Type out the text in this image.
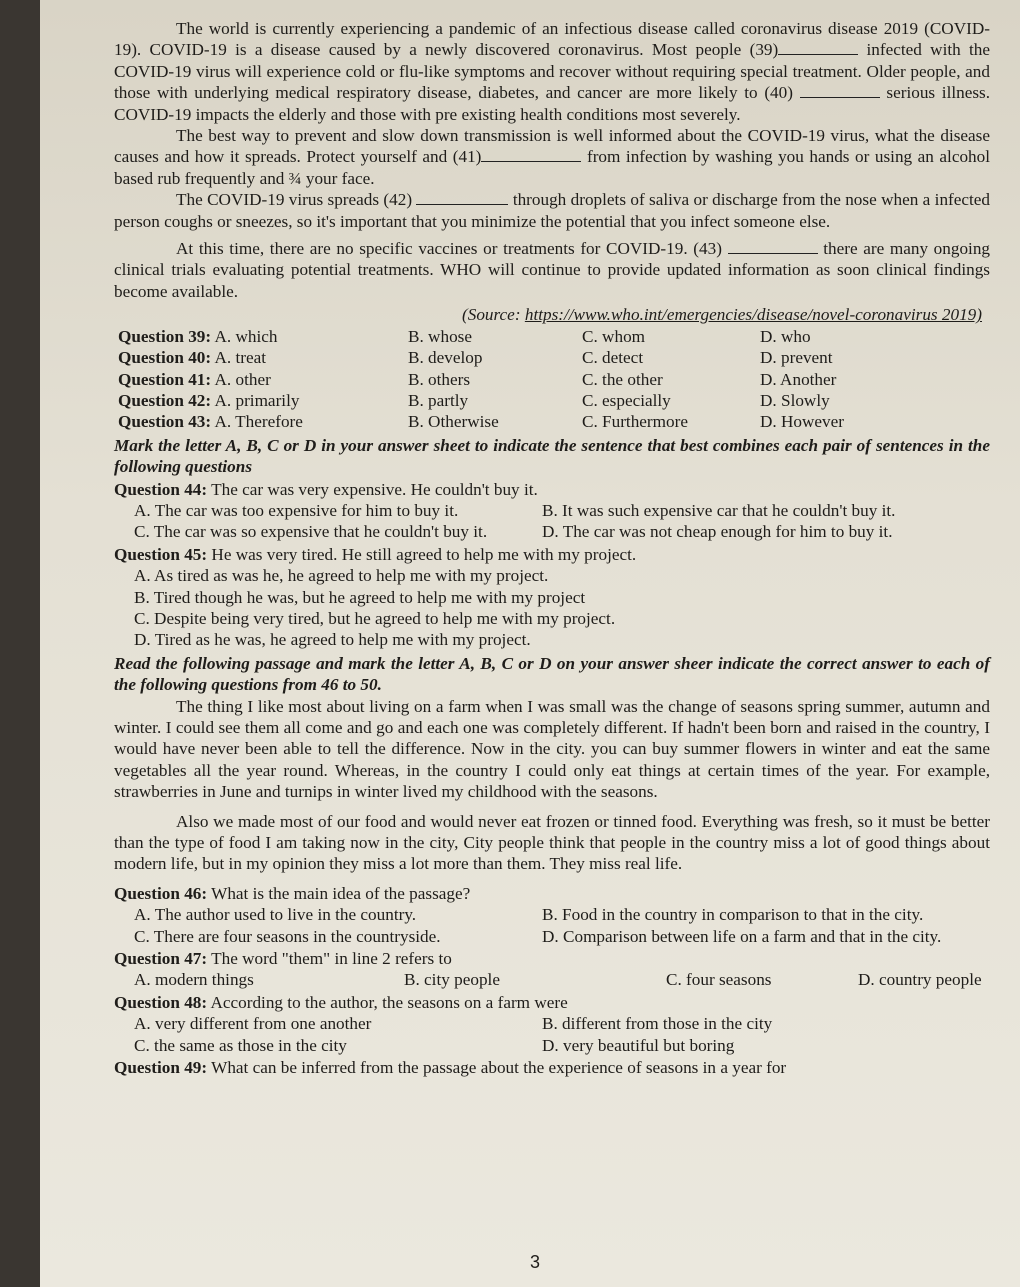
The world is currently experiencing a pandemic of an infectious disease called coronavirus disease 2019 (COVID-19). COVID-19 is a disease caused by a newly discovered coronavirus. Most people (39)	infected with the COVID-19 virus will experience cold or flu-like symptoms and recover without requiring special treatment. Older people, and those with underlying medical respiratory disease, diabetes, and cancer are more likely to (40)	serious illness. COVID-19 impacts the elderly and those with pre existing health conditions most severely.

The best way to prevent and slow down transmission is well informed about the COVID-19 virus, what the disease causes and how it spreads. Protect yourself and (41)	from infection by washing you hands or using an alcohol based rub frequently and ¾ your face.

The COVID-19 virus spreads (42)	through droplets of saliva or discharge from the nose when a infected person coughs or sneezes, so it's important that you minimize the potential that you infect someone else.

At this time, there are no specific vaccines or treatments for COVID-19. (43)	there are many ongoing clinical trials evaluating potential treatments. WHO will continue to provide updated information as soon clinical findings become available.

(Source: https://www.who.int/emergencies/disease/novel-coronavirus 2019)

Question 39: A. which	B. whose	C. whom	D. who
Question 40: A. treat	B. develop	C. detect	D. prevent
Question 41: A. other	B. others	C. the other	D. Another
Question 42: A. primarily	B. partly	C. especially	D. Slowly
Question 43: A. Therefore	B. Otherwise	C. Furthermore	D. However

Mark the letter A, B, C or D in your answer sheet to indicate the sentence that best combines each pair of sentences in the following questions

Question 44: The car was very expensive. He couldn't buy it.

A. The car was too expensive for him to buy it.	B. It was such expensive car that he couldn't buy it.
C. The car was so expensive that he couldn't buy it.	D. The car was not cheap enough for him to buy it.

Question 45: He was very tired. He still agreed to help me with my project.

A. As tired as was he, he agreed to help me with my project.
B. Tired though he was, but he agreed to help me with my project
C. Despite being very tired, but he agreed to help me with my project.
D. Tired as he was, he agreed to help me with my project.

Read the following passage and mark the letter A, B, C or D on your answer sheer indicate the correct answer to each of the following questions from 46 to 50.

The thing I like most about living on a farm when I was small was the change of seasons spring summer, autumn and winter. I could see them all come and go and each one was completely different. If hadn't been born and raised in the country, I would have never been able to tell the difference. Now in the city. you can buy summer flowers in winter and eat the same vegetables all the year round. Whereas, in the country I could only eat things at certain times of the year. For example, strawberries in June and turnips in winter lived my childhood with the seasons.

Also we made most of our food and would never eat frozen or tinned food. Everything was fresh, so it must be better than the type of food I am taking now in the city, City people think that people in the country miss a lot of good things about modern life, but in my opinion they miss a lot more than them. They miss real life.

Question 46: What is the main idea of the passage?

A. The author used to live in the country.	B. Food in the country in comparison to that in the city.
C. There are four seasons in the countryside.	D. Comparison between life on a farm and that in the city.

Question 47: The word "them" in line 2 refers to

A. modern things	B. city people	C. four seasons	D. country people

Question 48: According to the author, the seasons on a farm were

A. very different from one another	B. different from those in the city
C. the same as those in the city	D. very beautiful but boring

Question 49: What can be inferred from the passage about the experience of seasons in a year for

3
